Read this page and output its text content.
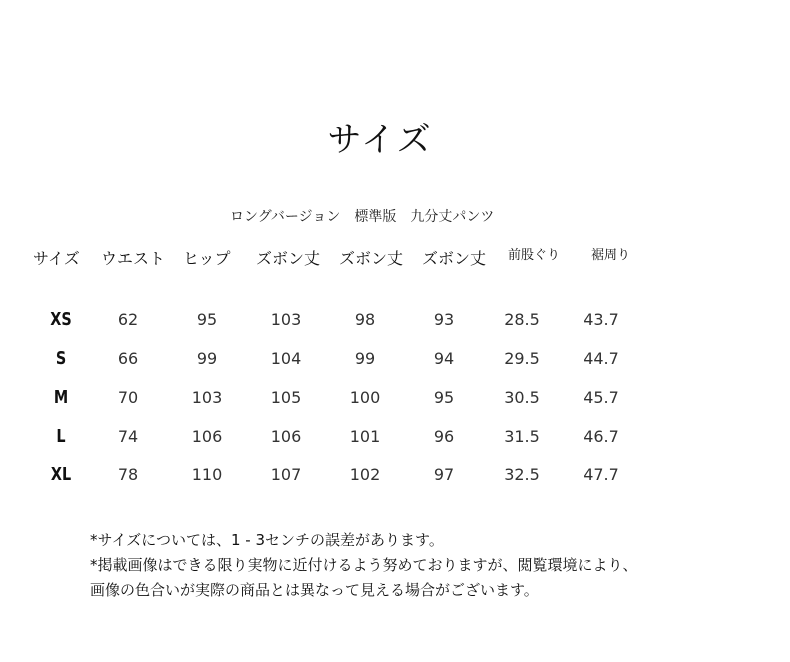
サイズ
ロングバージョン　標準版　九分丈パンツ
サイズ ウエスト ヒップ ズボン丈 ズボン丈 ズボン丈 前股ぐり 裾周り
XS	62	95	103	98	93	28.5	43.7
S	66	99	104	99	94	29.5	44.7
M	70	103	105	100	95	30.5	45.7
L	74	106	106	101	96	31.5	46.7
XL	78	110	107	102	97	32.5	47.7
*サイズについては、1 - 3センチの誤差があります。
*掲載画像はできる限り実物に近付けるよう努めておりますが、閲覧環境により、
画像の色合いが実際の商品とは異なって見える場合がございます。
